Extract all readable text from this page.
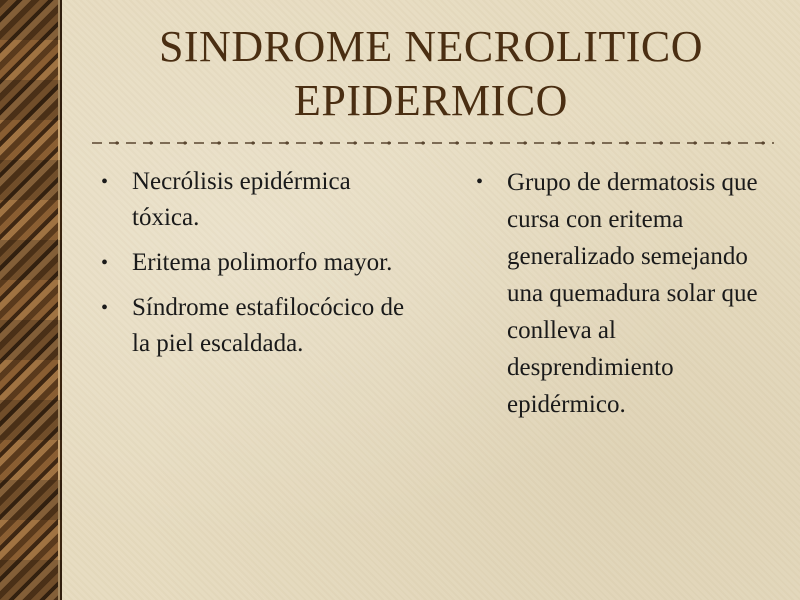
SINDROME NECROLITICO
EPIDERMICO
• Necrólisis epidérmica tóxica.
• Eritema polimorfo mayor.
• Síndrome estafilocócico de la piel escaldada.
• Grupo de dermatosis que cursa con eritema generalizado semejando una quemadura solar que conlleva al desprendimiento epidérmico.
